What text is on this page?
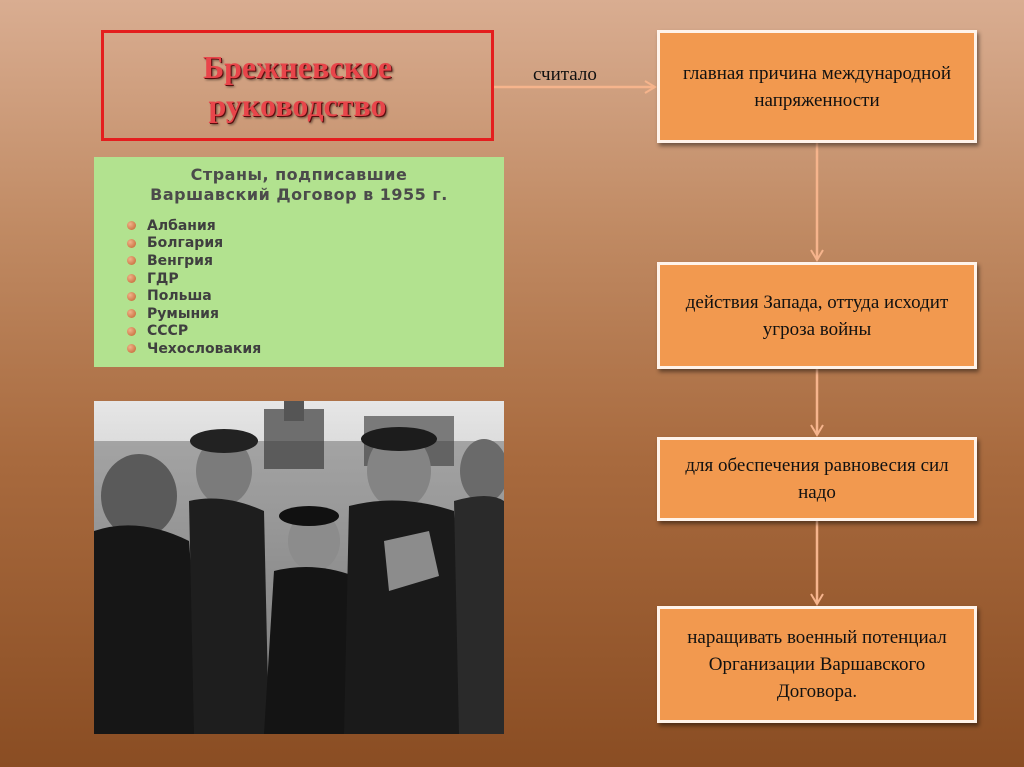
Брежневское
руководство
считало	главная причина международной напряженности
действия Запада, оттуда исходит угроза войны
для обеспечения равновесия сил надо
наращивать военный потенциал Организации Варшавского Договора.
Страны, подписавшие
Варшавский Договор в 1955 г.
Албания
Болгария
Венгрия
ГДР
Польша
Румыния
СССР
Чехословакия
